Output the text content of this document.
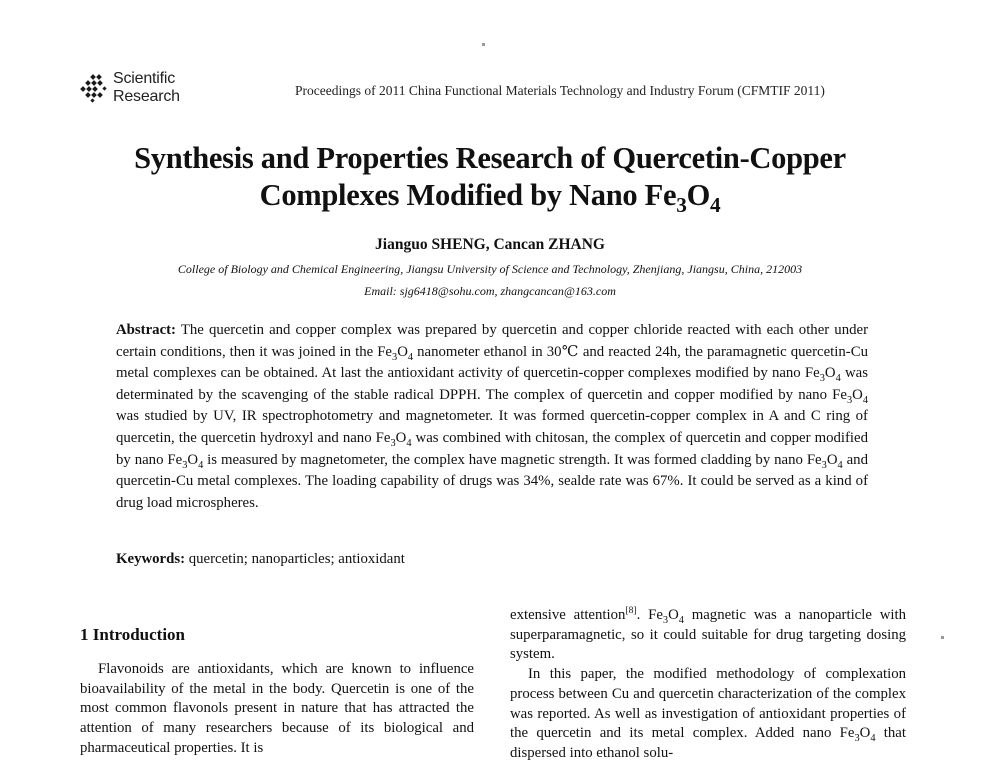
Scientific
Research	Proceedings of 2011 China Functional Materials Technology and Industry Forum (CFMTIF 2011)
Synthesis and Properties Research of Quercetin-Copper
Complexes Modified by Nano $Fe_3O_4$
Jianguo SHENG, Cancan ZHANG
College of Biology and Chemical Engineering, Jiangsu University of Science and Technology, Zhenjiang, Jiangsu, China, 212003
Email: sjg6418@sohu.com, zhangcancan@163.com
Abstract: The quercetin and copper complex was prepared by quercetin and copper chloride reacted with each other under certain conditions, then it was joined in the $Fe_3O_4$ nanometer ethanol in 30℃ and reacted 24h, the paramagnetic quercetin-Cu metal complexes can be obtained. At last the antioxidant activity of quercetin-copper complexes modified by nano $Fe_3O_4$ was determinated by the scavenging of the stable radical DPPH. The complex of quercetin and copper modified by nano $Fe_3O_4$ was studied by UV, IR spectrophotometry and magnetometer. It was formed quercetin-copper complex in A and C ring of quercetin, the quercetin hydroxyl and nano $Fe_3O_4$ was combined with chitosan, the complex of quercetin and copper modified by nano $Fe_3O_4$ is measured by magnetometer, the complex have magnetic strength. It was formed cladding by nano $Fe_3O_4$ and quercetin-Cu metal complexes. The loading capability of drugs was 34%, sealde rate was 67%. It could be served as a kind of drug load microspheres.
Keywords: quercetin; nanoparticles; antioxidant
1 Introduction
Flavonoids are antioxidants, which are known to influence bioavailability of the metal in the body. Quercetin is one of the most common flavonols present in nature that has attracted the attention of many researchers because of its biological and pharmaceutical properties. It is

extensive attention[8]. $Fe_3O_4$ magnetic was a nanoparticle with superparamagnetic, so it could suitable for drug targeting dosing system.

In this paper, the modified methodology of complexation process between Cu and quercetin characterization of the complex was reported. As well as investigation of antioxidant properties of the quercetin and its metal complex. Added nano $Fe_3O_4$ that dispersed into ethanol solu-
